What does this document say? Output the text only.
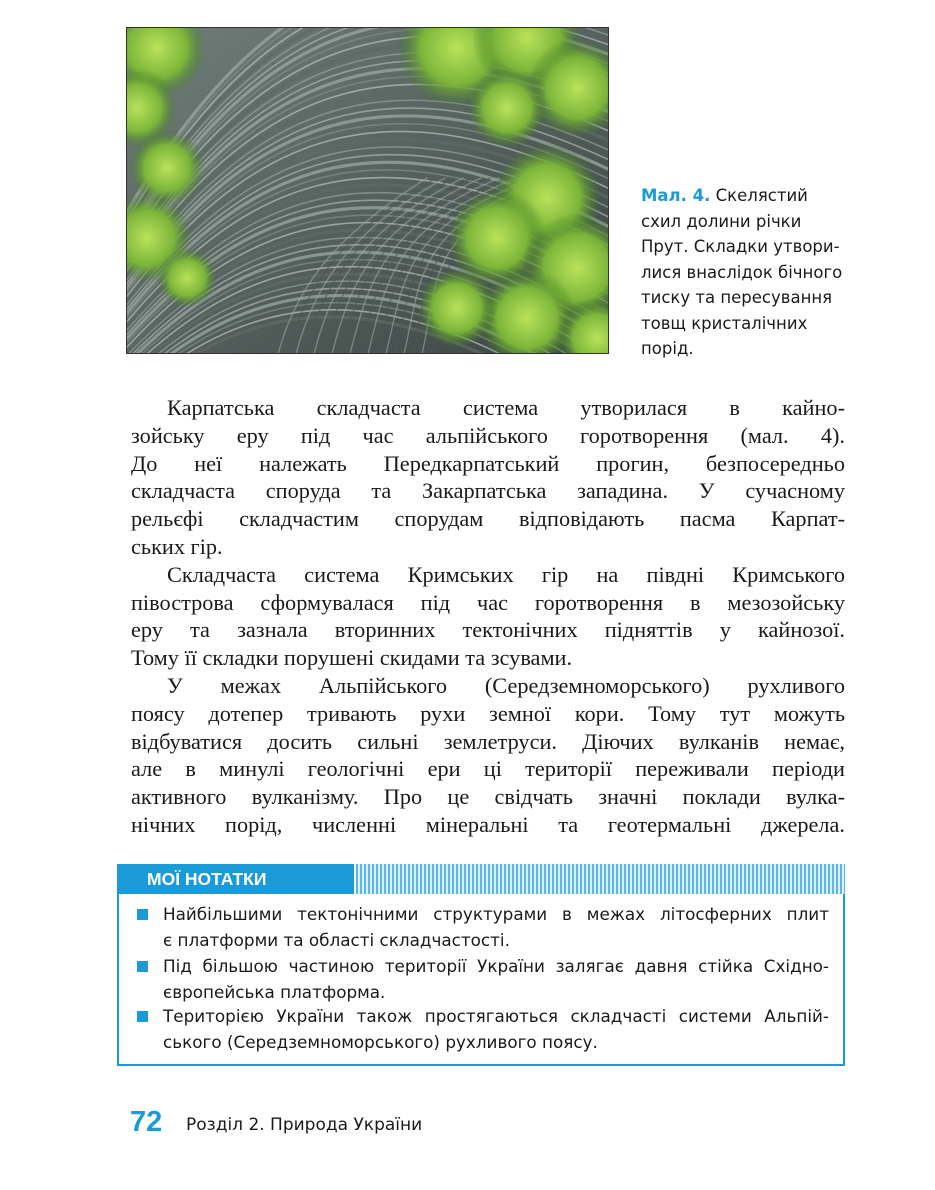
Мал. 4. Скелястий
схил долини річки
Прут. Складки утвори-
лися внаслідок бічного
тиску та пересування
товщ кристалічних
порід.
Карпатська складчаста система утворилася в кайно-
зойську еру під час альпійського горотворення (мал. 4).
До неї належать Передкарпатський прогин, безпосередньо
складчаста споруда та Закарпатська западина. У сучасному
рельєфі складчастим спорудам відповідають пасма Карпат-
ських гір.
Складчаста система Кримських гір на півдні Кримського
півострова сформувалася під час горотворення в мезозойську
еру та зазнала вторинних тектонічних підняттів у кайнозої.
Тому її складки порушені скидами та зсувами.
У межах Альпійського (Середземноморського) рухливого
поясу дотепер тривають рухи земної кори. Тому тут можуть
відбуватися досить сильні землетруси. Діючих вулканів немає,
але в минулі геологічні ери ці території переживали періоди
активного вулканізму. Про це свідчать значні поклади вулка-
нічних порід, численні мінеральні та геотермальні джерела.
МОЇ НОТАТКИ
Найбільшими тектонічними структурами в межах літосферних плит
є платформи та області складчастості.
Під більшою частиною території України залягає давня стійка Східно-
європейська платформа.
Територією України також простягаються складчасті системи Альпій-
ського (Середземноморського) рухливого поясу.
72 Розділ 2. Природа України
